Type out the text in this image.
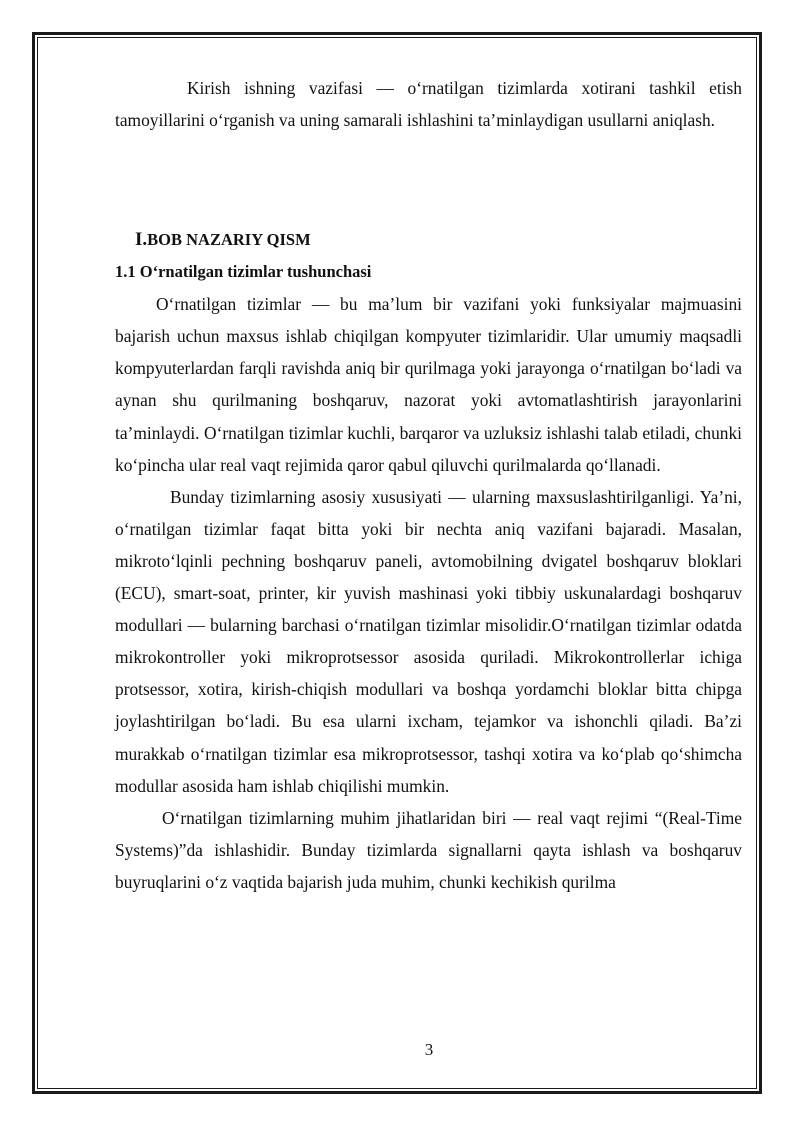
Kirish ishning vazifasi — o‘rnatilgan tizimlarda xotirani tashkil etish tamoyillarini o‘rganish va uning samarali ishlashini ta’minlaydigan usullarni aniqlash.

I.BOB NAZARIY QISM

1.1 O‘rnatilgan tizimlar tushunchasi

O‘rnatilgan tizimlar — bu ma’lum bir vazifani yoki funksiyalar majmuasini bajarish uchun maxsus ishlab chiqilgan kompyuter tizimlaridir. Ular umumiy maqsadli kompyuterlardan farqli ravishda aniq bir qurilmaga yoki jarayonga o‘rnatilgan bo‘ladi va aynan shu qurilmaning boshqaruv, nazorat yoki avtomatlashtirish jarayonlarini ta’minlaydi. O‘rnatilgan tizimlar kuchli, barqaror va uzluksiz ishlashi talab etiladi, chunki ko‘pincha ular real vaqt rejimida qaror qabul qiluvchi qurilmalarda qo‘llanadi.

Bunday tizimlarning asosiy xususiyati — ularning maxsuslashtirilganligi. Ya’ni, o‘rnatilgan tizimlar faqat bitta yoki bir nechta aniq vazifani bajaradi. Masalan, mikroto‘lqinli pechning boshqaruv paneli, avtomobilning dvigatel boshqaruv bloklari (ECU), smart-soat, printer, kir yuvish mashinasi yoki tibbiy uskunalardagi boshqaruv modullari — bularning barchasi o‘rnatilgan tizimlar misolidir.O‘rnatilgan tizimlar odatda mikrokontroller yoki mikroprotsessor asosida quriladi. Mikrokontrollerlar ichiga protsessor, xotira, kirish-chiqish modullari va boshqa yordamchi bloklar bitta chipga joylashtirilgan bo‘ladi. Bu esa ularni ixcham, tejamkor va ishonchli qiladi. Ba’zi murakkab o‘rnatilgan tizimlar esa mikroprotsessor, tashqi xotira va ko‘plab qo‘shimcha modullar asosida ham ishlab chiqilishi mumkin.

O‘rnatilgan tizimlarning muhim jihatlaridan biri — real vaqt rejimi “(Real-Time Systems)”da ishlashidir. Bunday tizimlarda signallarni qayta ishlash va boshqaruv buyruqlarini o‘z vaqtida bajarish juda muhim, chunki kechikish qurilma

3
